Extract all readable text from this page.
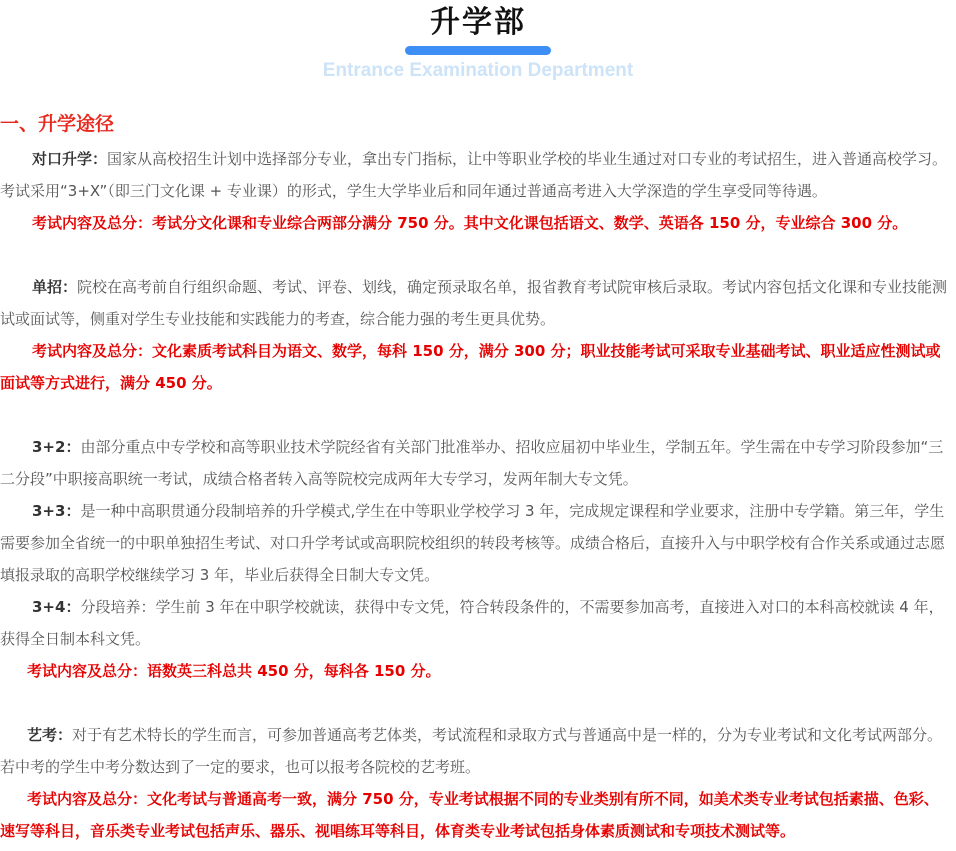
升学部
Entrance Examination Department
一、升学途径

对口升学：国家从高校招生计划中选择部分专业，拿出专门指标，让中等职业学校的毕业生通过对口专业的考试招生，进入普通高校学习。考试采用“3+X”（即三门文化课 + 专业课）的形式，学生大学毕业后和同年通过普通高考进入大学深造的学生享受同等待遇。

考试内容及总分：考试分文化课和专业综合两部分满分 750 分。其中文化课包括语文、数学、英语各 150 分，专业综合 300 分。

单招：院校在高考前自行组织命题、考试、评卷、划线，确定预录取名单，报省教育考试院审核后录取。考试内容包括文化课和专业技能测试或面试等，侧重对学生专业技能和实践能力的考查，综合能力强的考生更具优势。

考试内容及总分：文化素质考试科目为语文、数学，每科 150 分，满分 300 分；职业技能考试可采取专业基础考试、职业适应性测试或面试等方式进行，满分 450 分。

3+2：由部分重点中专学校和高等职业技术学院经省有关部门批准举办、招收应届初中毕业生，学制五年。学生需在中专学习阶段参加“三二分段”中职接高职统一考试，成绩合格者转入高等院校完成两年大专学习，发两年制大专文凭。

3+3：是一种中高职贯通分段制培养的升学模式,学生在中等职业学校学习 3 年，完成规定课程和学业要求，注册中专学籍。第三年，学生需要参加全省统一的中职单独招生考试、对口升学考试或高职院校组织的转段考核等。成绩合格后，直接升入与中职学校有合作关系或通过志愿填报录取的高职学校继续学习 3 年，毕业后获得全日制大专文凭。

3+4：分段培养：学生前 3 年在中职学校就读，获得中专文凭，符合转段条件的，不需要参加高考，直接进入对口的本科高校就读 4 年，获得全日制本科文凭。

考试内容及总分：语数英三科总共 450 分，每科各 150 分。

艺考：对于有艺术特长的学生而言，可参加普通高考艺体类，考试流程和录取方式与普通高中是一样的，分为专业考试和文化考试两部分。若中考的学生中考分数达到了一定的要求，也可以报考各院校的艺考班。

考试内容及总分：文化考试与普通高考一致，满分 750 分，专业考试根据不同的专业类别有所不同，如美术类专业考试包括素描、色彩、速写等科目，音乐类专业考试包括声乐、器乐、视唱练耳等科目，体育类专业考试包括身体素质测试和专项技术测试等。
